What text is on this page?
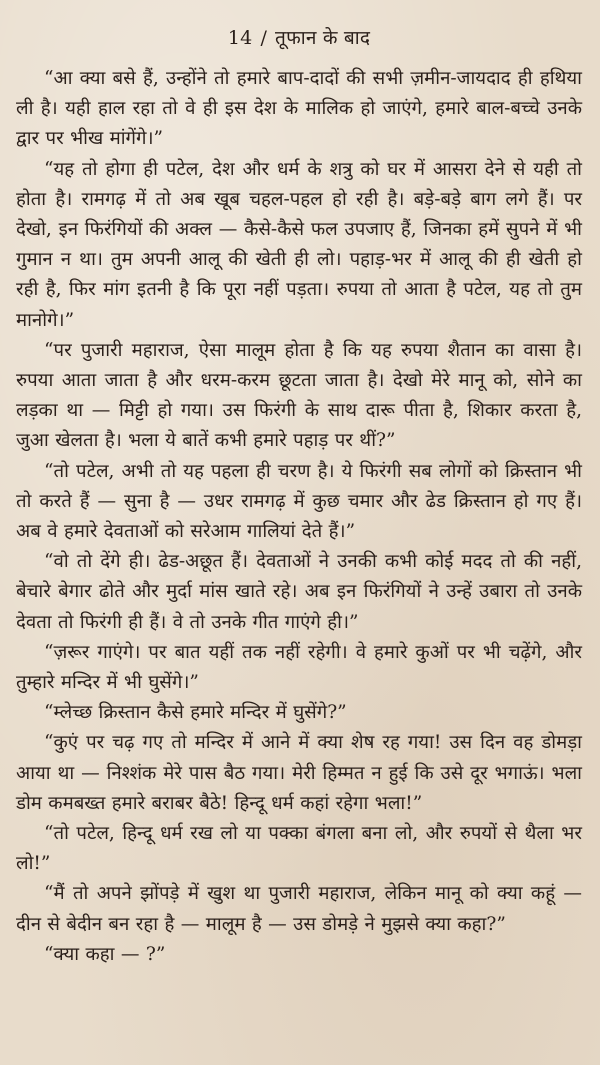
14 / तूफान के बाद

“आ क्या बसे हैं, उन्होंने तो हमारे बाप-दादों की सभी ज़मीन-जायदाद ही हथिया ली है। यही हाल रहा तो वे ही इस देश के मालिक हो जाएंगे, हमारे बाल-बच्चे उनके द्वार पर भीख मांगेंगे।”

“यह तो होगा ही पटेल, देश और धर्म के शत्रु को घर में आसरा देने से यही तो होता है। रामगढ़ में तो अब खूब चहल-पहल हो रही है। बड़े-बड़े बाग लगे हैं। पर देखो, इन फिरंगियों की अक्ल — कैसे-कैसे फल उपजाए हैं, जिनका हमें सुपने में भी गुमान न था। तुम अपनी आलू की खेती ही लो। पहाड़-भर में आलू की ही खेती हो रही है, फिर मांग इतनी है कि पूरा नहीं पड़ता। रुपया तो आता है पटेल, यह तो तुम मानोगे।”

“पर पुजारी महाराज, ऐसा मालूम होता है कि यह रुपया शैतान का वासा है। रुपया आता जाता है और धरम-करम छूटता जाता है। देखो मेरे मानू को, सोने का लड़का था — मिट्टी हो गया। उस फिरंगी के साथ दारू पीता है, शिकार करता है, जुआ खेलता है। भला ये बातें कभी हमारे पहाड़ पर थीं?”

“तो पटेल, अभी तो यह पहला ही चरण है। ये फिरंगी सब लोगों को क्रिस्तान भी तो करते हैं — सुना है — उधर रामगढ़ में कुछ चमार और ढेड क्रिस्तान हो गए हैं। अब वे हमारे देवताओं को सरेआम गालियां देते हैं।”

“वो तो देंगे ही। ढेड-अछूत हैं। देवताओं ने उनकी कभी कोई मदद तो की नहीं, बेचारे बेगार ढोते और मुर्दा मांस खाते रहे। अब इन फिरंगियों ने उन्हें उबारा तो उनके देवता तो फिरंगी ही हैं। वे तो उनके गीत गाएंगे ही।”

“ज़रूर गाएंगे। पर बात यहीं तक नहीं रहेगी। वे हमारे कुओं पर भी चढ़ेंगे, और तुम्हारे मन्दिर में भी घुसेंगे।”

“म्लेच्छ क्रिस्तान कैसे हमारे मन्दिर में घुसेंगे?”

“कुएं पर चढ़ गए तो मन्दिर में आने में क्या शेष रह गया! उस दिन वह डोमड़ा आया था — निश्शंक मेरे पास बैठ गया। मेरी हिम्मत न हुई कि उसे दूर भगाऊं। भला डोम कमबख्त हमारे बराबर बैठे! हिन्दू धर्म कहां रहेगा भला!”

“तो पटेल, हिन्दू धर्म रख लो या पक्का बंगला बना लो, और रुपयों से थैला भर लो!”

“मैं तो अपने झोंपड़े में खुश था पुजारी महाराज, लेकिन मानू को क्या कहूं — दीन से बेदीन बन रहा है — मालूम है — उस डोमड़े ने मुझसे क्या कहा?”

“क्या कहा — ?”
